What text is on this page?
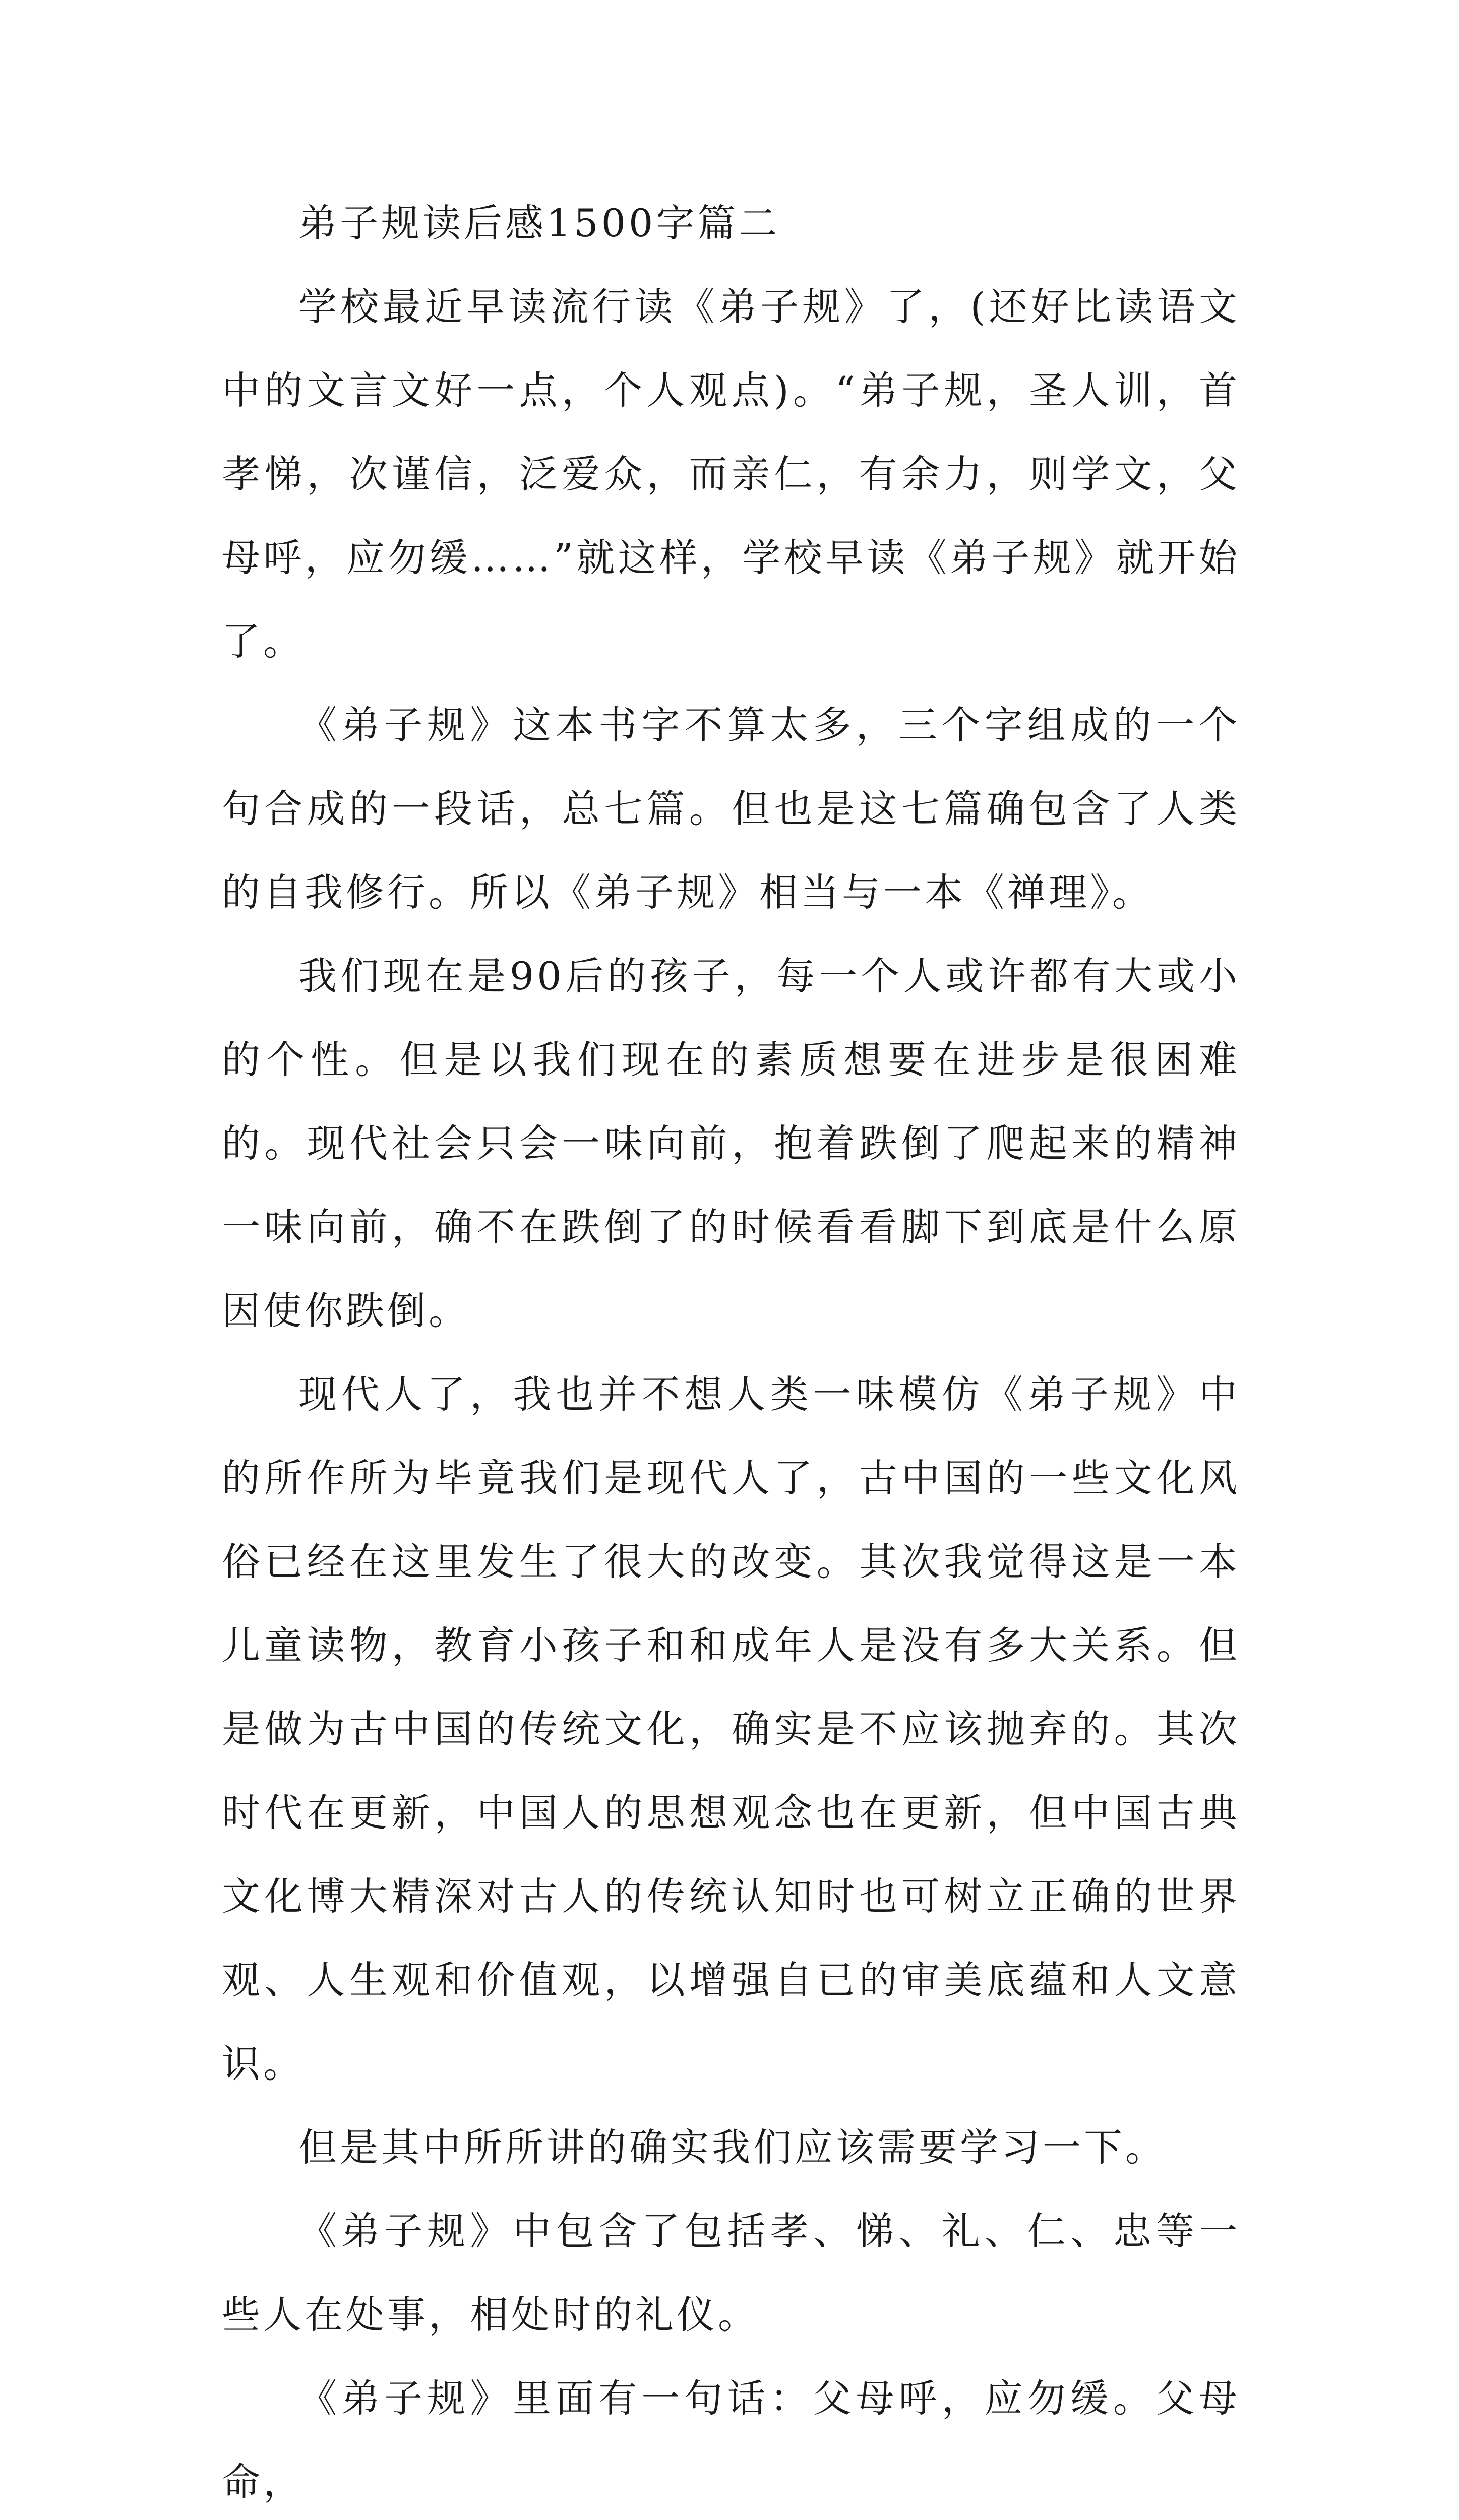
弟子规读后感1500字篇二

学校最近早读流行读《弟子规》了，(还好比读语文中的文言文好一点，个人观点)。“弟子规，圣人训，首孝悌，次谨信，泛爱众，而亲仁，有余力，则学文，父母呼，应勿缓……”就这样，学校早读《弟子规》就开始了。

《弟子规》这本书字不算太多，三个字组成的一个句合成的一段话，总七篇。但也是这七篇确包含了人类的自我修行。所以《弟子规》相当与一本《禅理》。

我们现在是90后的孩子，每一个人或许都有大或小的个性。但是以我们现在的素质想要在进步是很困难的。现代社会只会一味向前，抱着跌倒了爬起来的精神一味向前，确不在跌倒了的时候看看脚下到底是什么原因使你跌倒。

现代人了，我也并不想人类一味模仿《弟子规》中的所作所为毕竟我们是现代人了，古中国的一些文化风俗已经在这里发生了很大的改变。其次我觉得这是一本儿童读物，教育小孩子和和成年人是没有多大关系。但是做为古中国的传统文化，确实是不应该抛弃的。其次时代在更新，中国人的思想观念也在更新，但中国古典文化博大精深对古人的传统认知时也可树立正确的世界观、人生观和价值观，以增强自已的审美底蕴和人文意识。

但是其中所所讲的确实我们应该需要学习一下。

《弟子规》中包含了包括孝、悌、礼、仁、忠等一些人在处事，相处时的礼仪。

《弟子规》里面有一句话：父母呼，应勿缓。父母命，
